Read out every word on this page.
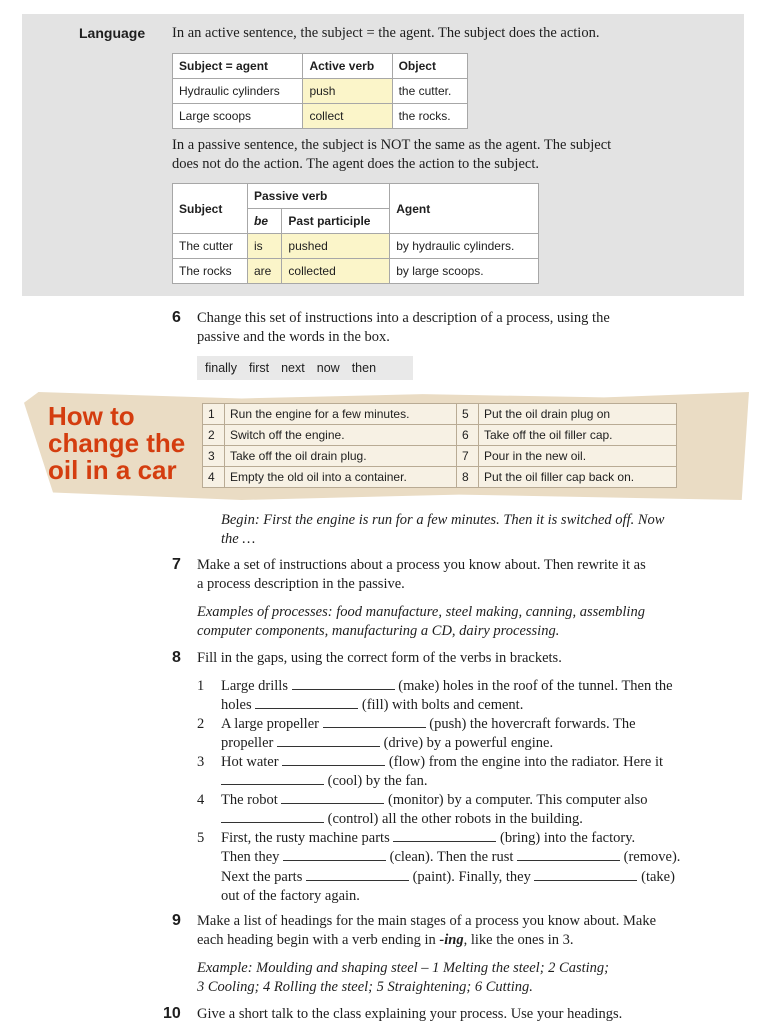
Language In an active sentence, the subject = the agent. The subject does the action.
Subject = agent	Active verb	Object
Hydraulic cylinders	push	the cutter.
Large scoops	collect	the rocks.
In a passive sentence, the subject is NOT the same as the agent. The subject
does not do the action. The agent does the action to the subject.
Subject	Passive verb		Agent
	be	Past participle	
The cutter	is	pushed	by hydraulic cylinders.
The rocks	are	collected	by large scoops.
6 Change this set of instructions into a description of a process, using the
passive and the words in the box.
finally first next now then
How to
change the
oil in a car
1	Run the engine for a few minutes.	5	Put the oil drain plug on
2	Switch off the engine.	6	Take off the oil filler cap.
3	Take off the oil drain plug.	7	Pour in the new oil.
4	Empty the old oil into a container.	8	Put the oil filler cap back on.
Begin: First the engine is run for a few minutes. Then it is switched off. Now
the …
7 Make a set of instructions about a process you know about. Then rewrite it as
a process description in the passive.
Examples of processes: food manufacture, steel making, canning, assembling
computer components, manufacturing a CD, dairy processing.
8 Fill in the gaps, using the correct form of the verbs in brackets.
1 Large drills	(make) holes in the roof of the tunnel. Then the
holes	(fill) with bolts and cement.
2 A large propeller	(push) the hovercraft forwards. The
propeller	(drive) by a powerful engine.
3 Hot water	(flow) from the engine into the radiator. Here it
(cool) by the fan.
4 The robot	(monitor) by a computer. This computer also
(control) all the other robots in the building.
5 First, the rusty machine parts	(bring) into the factory.
Then they	(clean). Then the rust	(remove).
Next the parts	(paint). Finally, they	(take)
out of the factory again.
9 Make a list of headings for the main stages of a process you know about. Make
each heading begin with a verb ending in -ing, like the ones in 3.
Example: Moulding and shaping steel – 1 Melting the steel; 2 Casting;
3 Cooling; 4 Rolling the steel; 5 Straightening; 6 Cutting.
10 Give a short talk to the class explaining your process. Use your headings.
